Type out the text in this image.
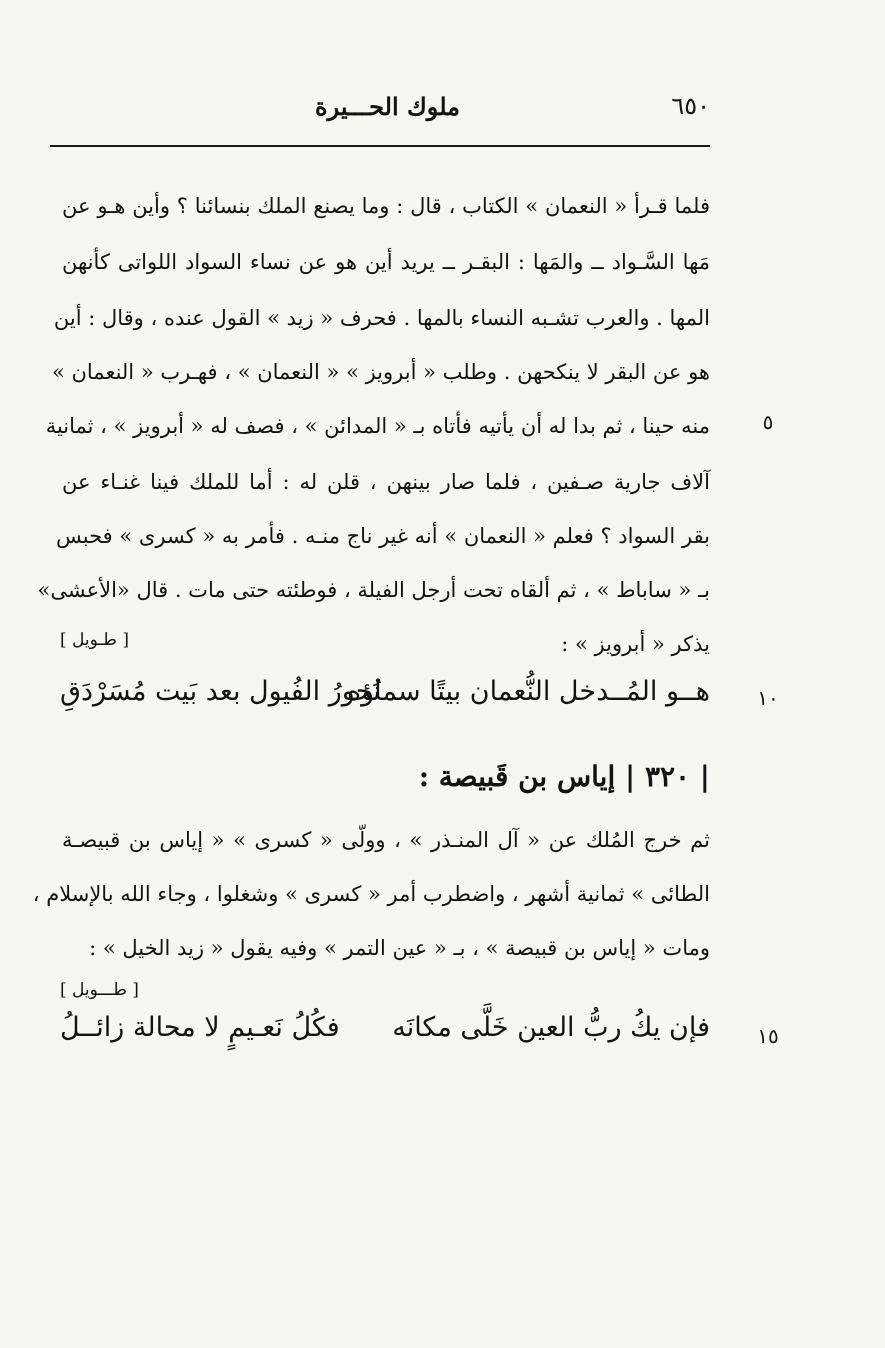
٦٥٠
ملوك الحـــيرة
فلما قـرأ « النعمان » الكتاب ، قال : وما يصنع الملك بنسائنا ؟ وأين هـو عن
مَها السَّـواد ــ والمَها : البقـر ــ يريد أين هو عن نساء السواد اللواتى كأنهن
المها . والعرب تشـبه النساء بالمها . فحرف « زيد » القول عنده ، وقال : أين
هو عن البقر لا ينكحهن . وطلب « أبرويز » « النعمان » ، فهـرب « النعمان »
منه حينا ، ثم بدا له أن يأتيه فأتاه بـ « المدائن » ، فصف له « أبرويز » ، ثمانية	٥
آلاف جارية صـفين ، فلما صار بينهن ، قلن له : أما للملك فينا غنـاء عن
بقر السواد ؟ فعلم « النعمان » أنه غير ناج منـه . فأمر به « كسرى » فحبس
بـ « ساباط » ، ثم ألقاه تحت أرجل الفيلة ، فوطئته حتى مات . قال «الأعشى»
يذكر « أبرويز » :
[ طـويل ]
هــو المُــدخل النُّعمان بيتًا سماؤه
نُحورُ الفُيول بعد بَيت مُسَرْدَقِ	١٠
| ٣٢٠ | إياس بن قَبيصة :
ثم خرج المُلك عن « آل المنـذر » ، وولّى « كسرى » « إياس بن قبيصـة
الطائى » ثمانية أشهر ، واضطرب أمر « كسرى » وشغلوا ، وجاء الله بالإسلام ،
ومات « إياس بن قبيصة » ، بـ « عين التمر » وفيه يقول « زيد الخيل » :
[ طـــويل ]
فإن يكُ ربُّ العين خَلَّى مكانَه
فكُلُ نَعـيمٍ لا محالة زائــلُ	١٥
